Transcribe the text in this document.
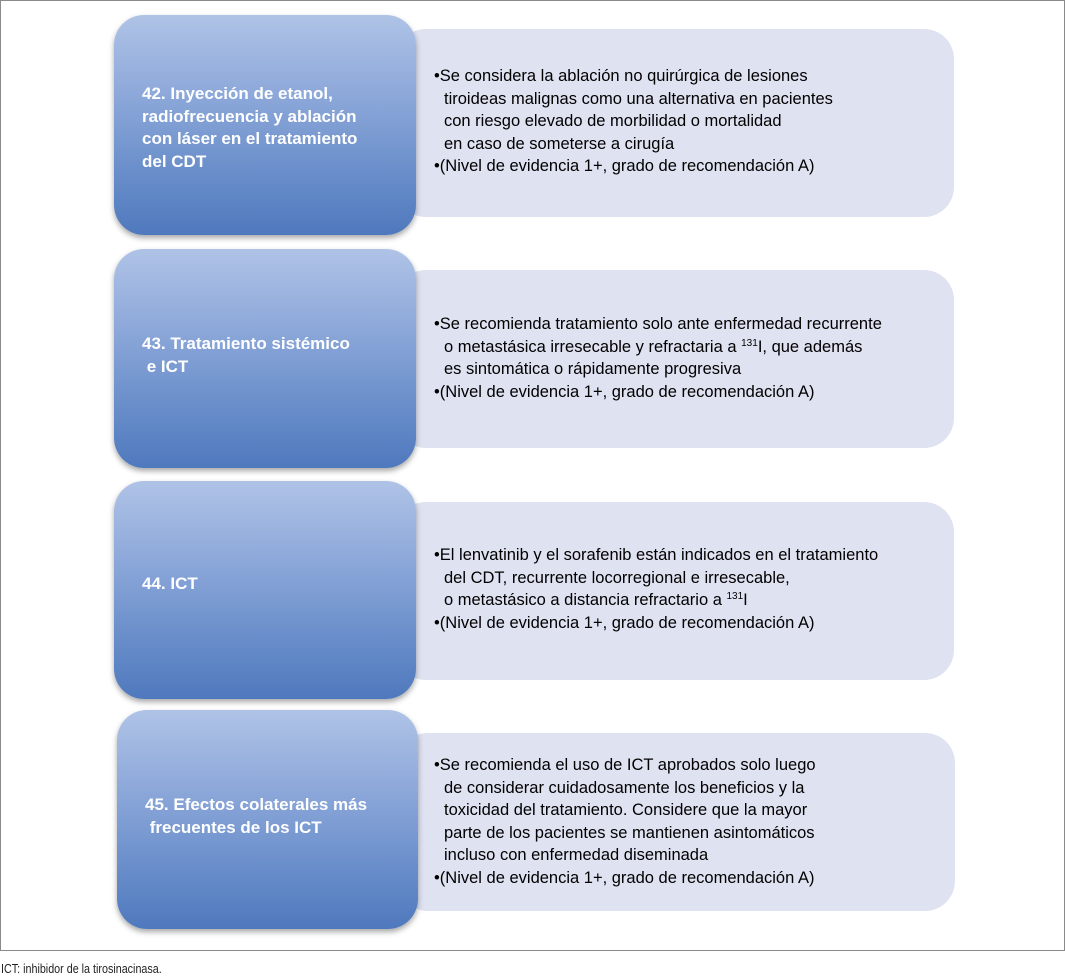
•Se considera la ablación no quirúrgica de lesiones
tiroideas malignas como una alternativa en pacientes
con riesgo elevado de morbilidad o mortalidad
en caso de someterse a cirugía
•(Nivel de evidencia 1+, grado de recomendación A)
42. Inyección de etanol,
radiofrecuencia y ablación
con láser en el tratamiento
del CDT
•Se recomienda tratamiento solo ante enfermedad recurrente
o metastásica irresecable y refractaria a $^{131}$I, que además
es sintomática o rápidamente progresiva
•(Nivel de evidencia 1+, grado de recomendación A)
43. Tratamiento sistémico
e ICT
•El lenvatinib y el sorafenib están indicados en el tratamiento
del CDT, recurrente locorregional e irresecable,
o metastásico a distancia refractario a $^{131}$I
•(Nivel de evidencia 1+, grado de recomendación A)
44. ICT
•Se recomienda el uso de ICT aprobados solo luego
de considerar cuidadosamente los beneficios y la
toxicidad del tratamiento. Considere que la mayor
parte de los pacientes se mantienen asintomáticos
incluso con enfermedad diseminada
•(Nivel de evidencia 1+, grado de recomendación A)
45. Efectos colaterales más
frecuentes de los ICT
ICT: inhibidor de la tirosinacinasa.
